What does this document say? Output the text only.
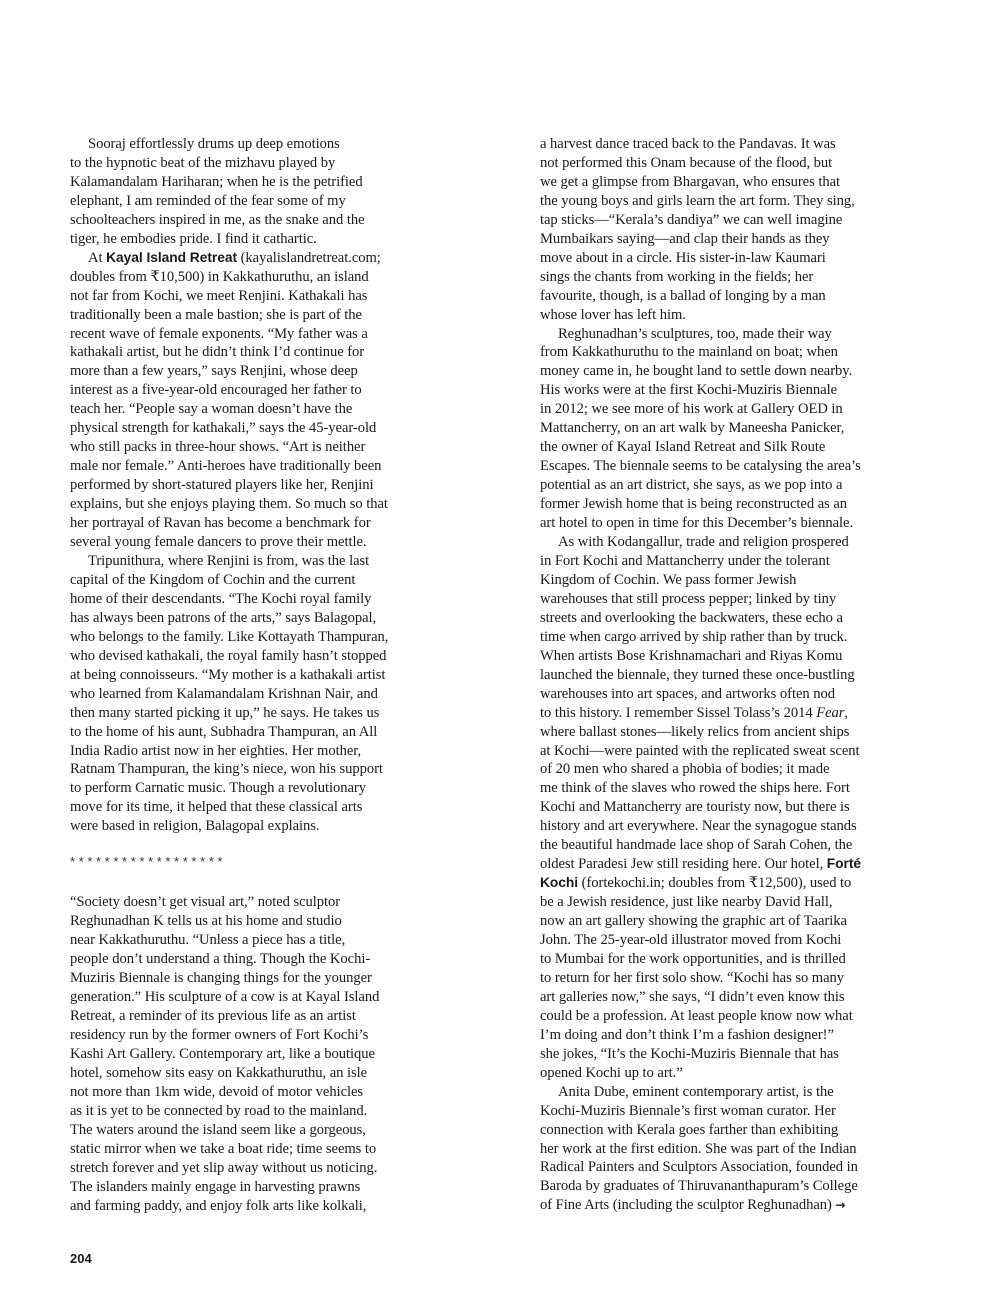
Sooraj effortlessly drums up deep emotions
to the hypnotic beat of the mizhavu played by
Kalamandalam Hariharan; when he is the petrified
elephant, I am reminded of the fear some of my
schoolteachers inspired in me, as the snake and the
tiger, he embodies pride. I find it cathartic.
At Kayal Island Retreat (kayalislandretreat.com;
doubles from ₹10,500) in Kakkathuruthu, an island
not far from Kochi, we meet Renjini. Kathakali has
traditionally been a male bastion; she is part of the
recent wave of female exponents. “My father was a
kathakali artist, but he didn’t think I’d continue for
more than a few years,” says Renjini, whose deep
interest as a five-year-old encouraged her father to
teach her. “People say a woman doesn’t have the
physical strength for kathakali,” says the 45-year-old
who still packs in three-hour shows. “Art is neither
male nor female.” Anti-heroes have traditionally been
performed by short-statured players like her, Renjini
explains, but she enjoys playing them. So much so that
her portrayal of Ravan has become a benchmark for
several young female dancers to prove their mettle.
Tripunithura, where Renjini is from, was the last
capital of the Kingdom of Cochin and the current
home of their descendants. “The Kochi royal family
has always been patrons of the arts,” says Balagopal,
who belongs to the family. Like Kottayath Thampuran,
who devised kathakali, the royal family hasn’t stopped
at being connoisseurs. “My mother is a kathakali artist
who learned from Kalamandalam Krishnan Nair, and
then many started picking it up,” he says. He takes us
to the home of his aunt, Subhadra Thampuran, an All
India Radio artist now in her eighties. Her mother,
Ratnam Thampuran, the king’s niece, won his support
to perform Carnatic music. Though a revolutionary
move for its time, it helped that these classical arts
were based in religion, Balagopal explains.
* * * * * * * * * * * * * * * * * *
“Society doesn’t get visual art,” noted sculptor
Reghunadhan K tells us at his home and studio
near Kakkathuruthu. “Unless a piece has a title,
people don’t understand a thing. Though the Kochi-
Muziris Biennale is changing things for the younger
generation.” His sculpture of a cow is at Kayal Island
Retreat, a reminder of its previous life as an artist
residency run by the former owners of Fort Kochi’s
Kashi Art Gallery. Contemporary art, like a boutique
hotel, somehow sits easy on Kakkathuruthu, an isle
not more than 1km wide, devoid of motor vehicles
as it is yet to be connected by road to the mainland.
The waters around the island seem like a gorgeous,
static mirror when we take a boat ride; time seems to
stretch forever and yet slip away without us noticing.
The islanders mainly engage in harvesting prawns
and farming paddy, and enjoy folk arts like kolkali,
a harvest dance traced back to the Pandavas. It was
not performed this Onam because of the flood, but
we get a glimpse from Bhargavan, who ensures that
the young boys and girls learn the art form. They sing,
tap sticks—“Kerala’s dandiya” we can well imagine
Mumbaikars saying—and clap their hands as they
move about in a circle. His sister-in-law Kaumari
sings the chants from working in the fields; her
favourite, though, is a ballad of longing by a man
whose lover has left him.
Reghunadhan’s sculptures, too, made their way
from Kakkathuruthu to the mainland on boat; when
money came in, he bought land to settle down nearby.
His works were at the first Kochi-Muziris Biennale
in 2012; we see more of his work at Gallery OED in
Mattancherry, on an art walk by Maneesha Panicker,
the owner of Kayal Island Retreat and Silk Route
Escapes. The biennale seems to be catalysing the area’s
potential as an art district, she says, as we pop into a
former Jewish home that is being reconstructed as an
art hotel to open in time for this December’s biennale.
As with Kodangallur, trade and religion prospered
in Fort Kochi and Mattancherry under the tolerant
Kingdom of Cochin. We pass former Jewish
warehouses that still process pepper; linked by tiny
streets and overlooking the backwaters, these echo a
time when cargo arrived by ship rather than by truck.
When artists Bose Krishnamachari and Riyas Komu
launched the biennale, they turned these once-bustling
warehouses into art spaces, and artworks often nod
to this history. I remember Sissel Tolass’s 2014 Fear,
where ballast stones—likely relics from ancient ships
at Kochi—were painted with the replicated sweat scent
of 20 men who shared a phobia of bodies; it made
me think of the slaves who rowed the ships here. Fort
Kochi and Mattancherry are touristy now, but there is
history and art everywhere. Near the synagogue stands
the beautiful handmade lace shop of Sarah Cohen, the
oldest Paradesi Jew still residing here. Our hotel, Forté
Kochi (fortekochi.in; doubles from ₹12,500), used to
be a Jewish residence, just like nearby David Hall,
now an art gallery showing the graphic art of Taarika
John. The 25-year-old illustrator moved from Kochi
to Mumbai for the work opportunities, and is thrilled
to return for her first solo show. “Kochi has so many
art galleries now,” she says, “I didn’t even know this
could be a profession. At least people know now what
I’m doing and don’t think I’m a fashion designer!”
she jokes, “It’s the Kochi-Muziris Biennale that has
opened Kochi up to art.”
Anita Dube, eminent contemporary artist, is the
Kochi-Muziris Biennale’s first woman curator. Her
connection with Kerala goes farther than exhibiting
her work at the first edition. She was part of the Indian
Radical Painters and Sculptors Association, founded in
Baroda by graduates of Thiruvananthapuram’s College
of Fine Arts (including the sculptor Reghunadhan) →
204
